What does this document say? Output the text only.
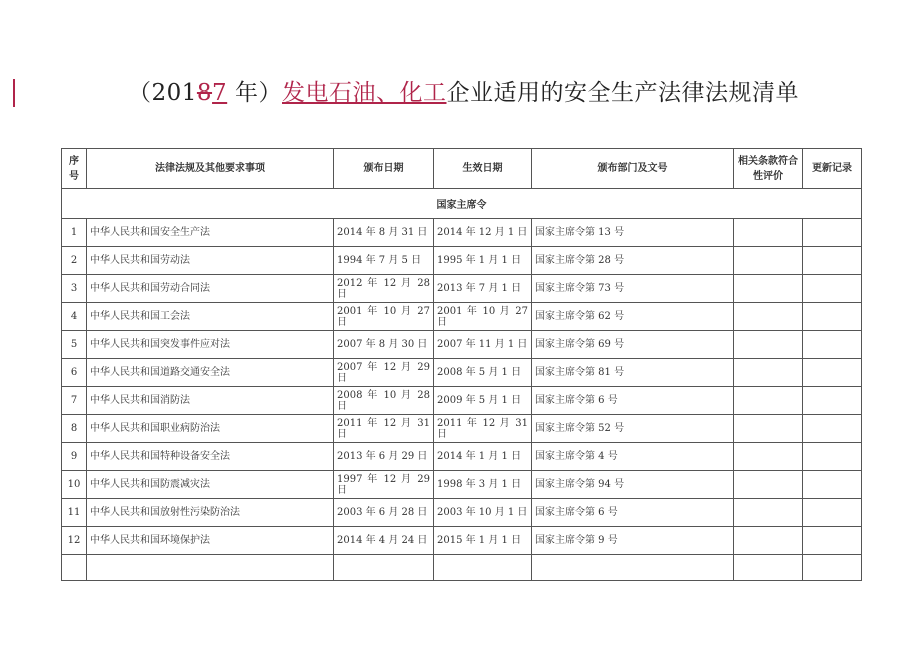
（20187 年）发电石油、化工企业适用的安全生产法律法规清单
序号	法律法规及其他要求事项	颁布日期	生效日期	颁布部门及文号	相关条款符合性评价	更新记录
国家主席令						
1	中华人民共和国安全生产法	2014 年 8 月 31 日	2014 年 12 月 1 日	国家主席令第 13 号		
2	中华人民共和国劳动法	1994 年 7 月 5 日	1995 年 1 月 1 日	国家主席令第 28 号		
3	中华人民共和国劳动合同法	2012 年 12 月 28 日	2013 年 7 月 1 日	国家主席令第 73 号		
4	中华人民共和国工会法	2001 年 10 月 27 日	2001 年 10 月 27 日	国家主席令第 62 号		
5	中华人民共和国突发事件应对法	2007 年 8 月 30 日	2007 年 11 月 1 日	国家主席令第 69 号		
6	中华人民共和国道路交通安全法	2007 年 12 月 29 日	2008 年 5 月 1 日	国家主席令第 81 号		
7	中华人民共和国消防法	2008 年 10 月 28 日	2009 年 5 月 1 日	国家主席令第 6 号		
8	中华人民共和国职业病防治法	2011 年 12 月 31 日	2011 年 12 月 31 日	国家主席令第 52 号		
9	中华人民共和国特种设备安全法	2013 年 6 月 29 日	2014 年 1 月 1 日	国家主席令第 4 号		
10	中华人民共和国防震减灾法	1997 年 12 月 29 日	1998 年 3 月 1 日	国家主席令第 94 号		
11	中华人民共和国放射性污染防治法	2003 年 6 月 28 日	2003 年 10 月 1 日	国家主席令第 6 号		
12	中华人民共和国环境保护法	2014 年 4 月 24 日	2015 年 1 月 1 日	国家主席令第 9 号		
